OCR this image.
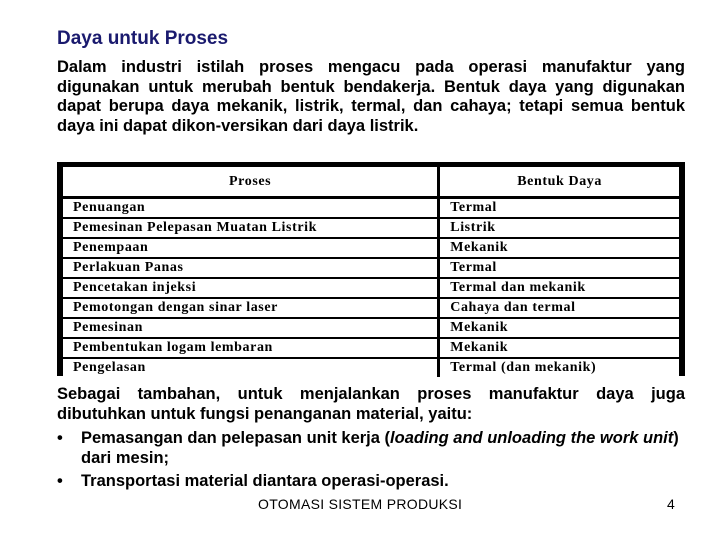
Daya untuk Proses

Dalam industri istilah proses mengacu pada operasi manufaktur yang digunakan untuk merubah bentuk bendakerja. Bentuk daya yang digunakan dapat berupa daya mekanik, listrik, termal, dan cahaya; tetapi semua bentuk daya ini dapat dikon-versikan dari daya listrik.

Proses	Bentuk Daya
Penuangan	Termal
Pemesinan Pelepasan Muatan Listrik	Listrik
Penempaan	Mekanik
Perlakuan Panas	Termal
Pencetakan injeksi	Termal dan mekanik
Pemotongan dengan sinar laser	Cahaya dan termal
Pemesinan	Mekanik
Pembentukan logam lembaran	Mekanik
Pengelasan	Termal (dan mekanik)

Sebagai tambahan, untuk menjalankan proses manufaktur daya juga dibutuhkan untuk fungsi penanganan material, yaitu:

• Pemasangan dan pelepasan unit kerja (loading and unloading the work unit) dari mesin;
• Transportasi material diantara operasi-operasi.
OTOMASI SISTEM PRODUKSI	4
